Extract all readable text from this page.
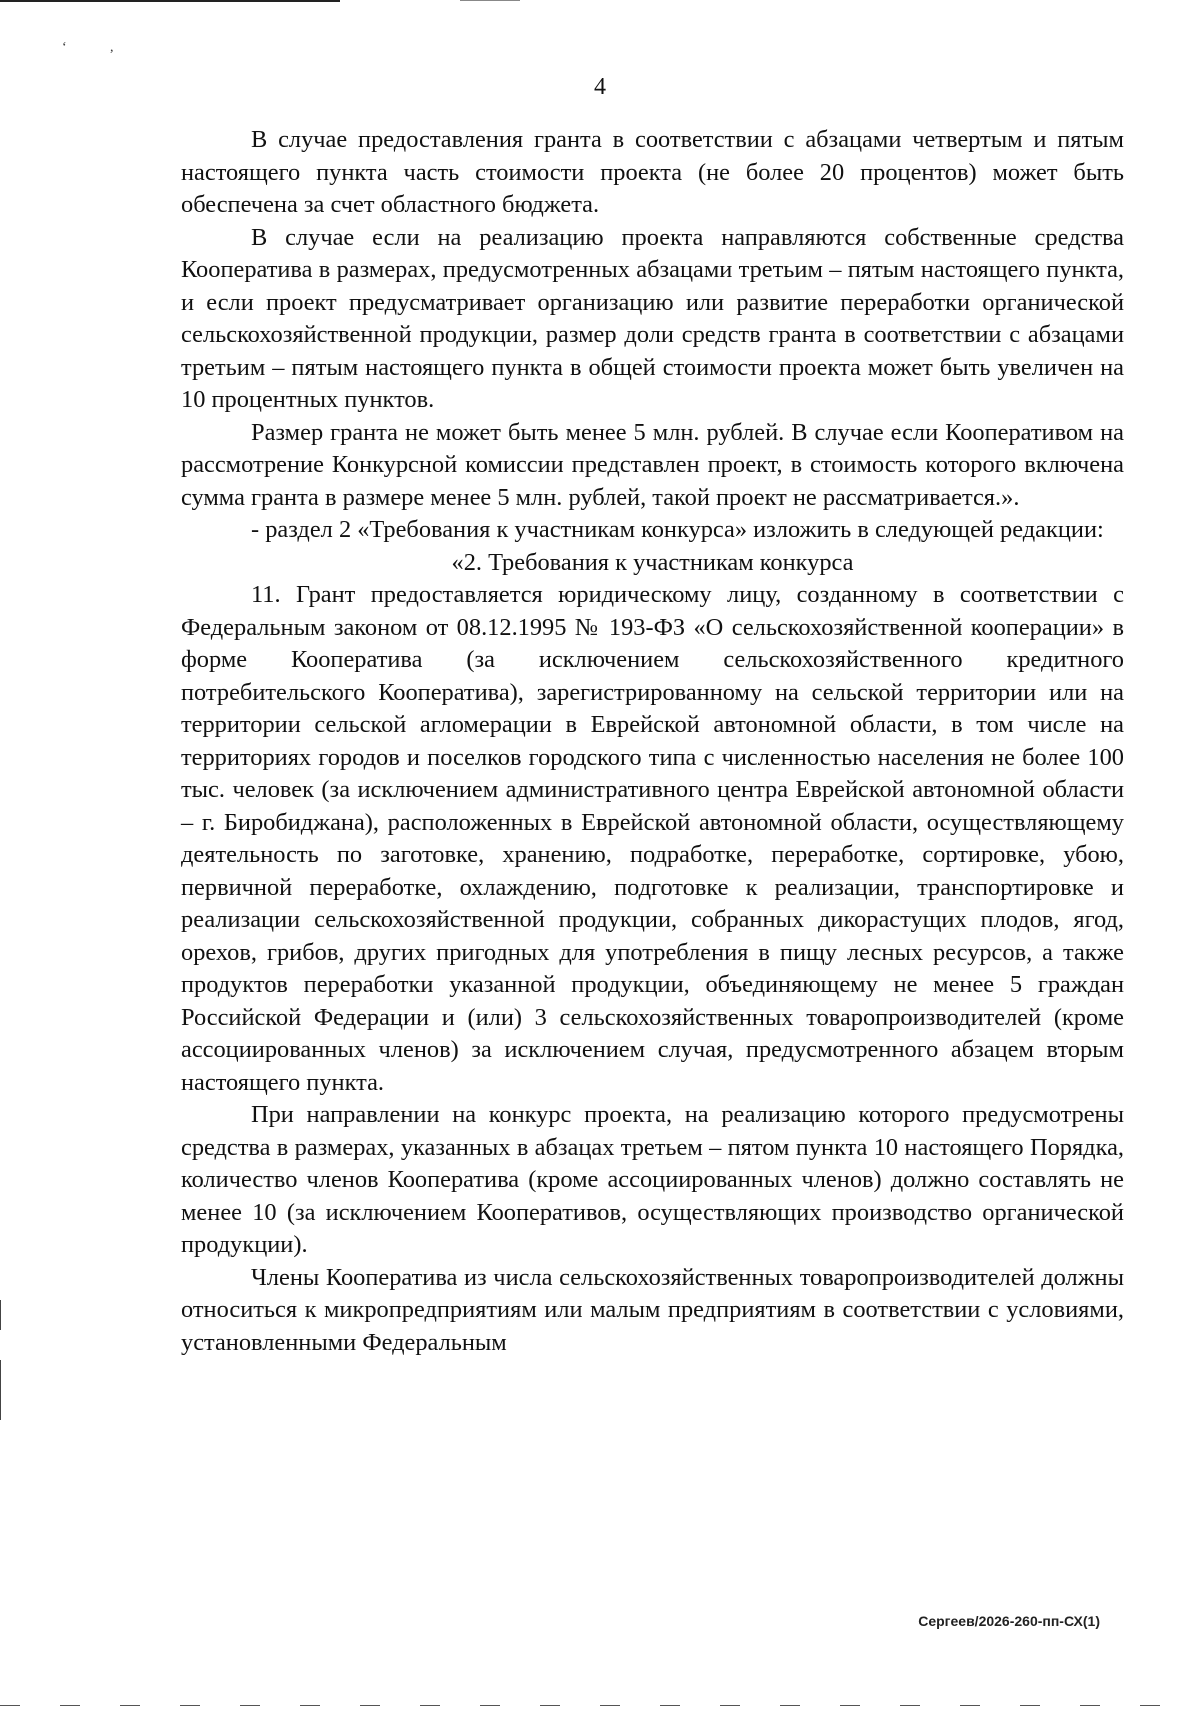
‘	,
4

В случае предоставления гранта в соответствии с абзацами четвертым и пятым настоящего пункта часть стоимости проекта (не более 20 процентов) может быть обеспечена за счет областного бюджета.

В случае если на реализацию проекта направляются собственные средства Кооператива в размерах, предусмотренных абзацами третьим – пятым настоящего пункта, и если проект предусматривает организацию или развитие переработки органической сельскохозяйственной продукции, размер доли средств гранта в соответствии с абзацами третьим – пятым настоящего пункта в общей стоимости проекта может быть увеличен на 10 процентных пунктов.

Размер гранта не может быть менее 5 млн. рублей. В случае если Кооперативом на рассмотрение Конкурсной комиссии представлен проект, в стоимость которого включена сумма гранта в размере менее 5 млн. рублей, такой проект не рассматривается.».

- раздел 2 «Требования к участникам конкурса» изложить в следующей редакции:

«2. Требования к участникам конкурса

11. Грант предоставляется юридическому лицу, созданному в соответствии с Федеральным законом от 08.12.1995 № 193-ФЗ «О сельскохозяйственной кооперации» в форме Кооператива (за исключением сельскохозяйственного кредитного потребительского Кооператива), зарегистрированному на сельской территории или на территории сельской агломерации в Еврейской автономной области, в том числе на территориях городов и поселков городского типа с численностью населения не более 100 тыс. человек (за исключением административного центра Еврейской автономной области – г. Биробиджана), расположенных в Еврейской автономной области, осуществляющему деятельность по заготовке, хранению, подработке, переработке, сортировке, убою, первичной переработке, охлаждению, подготовке к реализации, транспортировке и реализации сельскохозяйственной продукции, собранных дикорастущих плодов, ягод, орехов, грибов, других пригодных для употребления в пищу лесных ресурсов, а также продуктов переработки указанной продукции, объединяющему не менее 5 граждан Российской Федерации и (или) 3 сельскохозяйственных товаропроизводителей (кроме ассоциированных членов) за исключением случая, предусмотренного абзацем вторым настоящего пункта.

При направлении на конкурс проекта, на реализацию которого предусмотрены средства в размерах, указанных в абзацах третьем – пятом пункта 10 настоящего Порядка, количество членов Кооператива (кроме ассоциированных членов) должно составлять не менее 10 (за исключением Кооперативов, осуществляющих производство органической продукции).

Члены Кооператива из числа сельскохозяйственных товаропроизводителей должны относиться к микропредприятиям или малым предприятиям в соответствии с условиями, установленными Федеральным

Сергеев/2026-260-пп-СХ(1)
